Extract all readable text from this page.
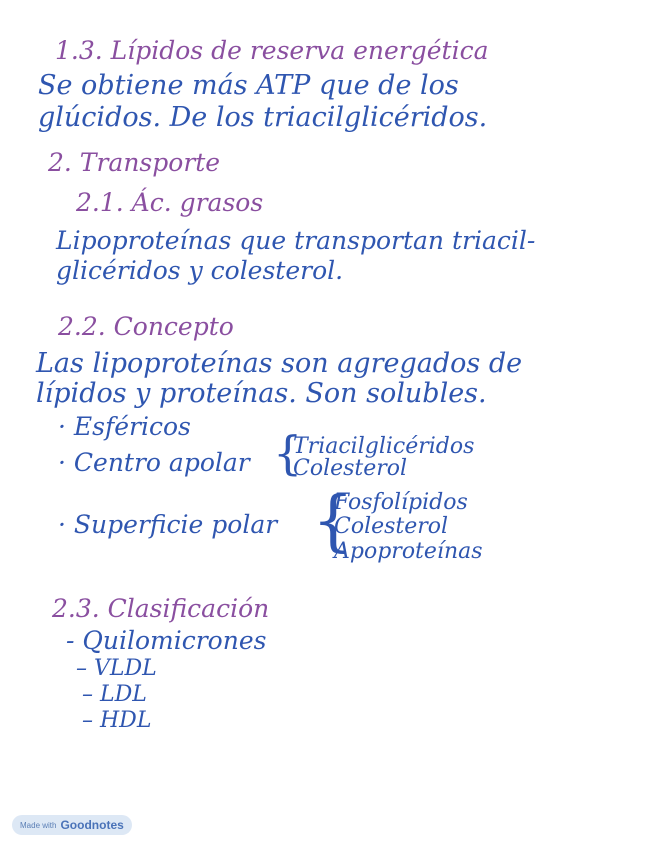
1.3. Lípidos de reserva energética
Se obtiene más ATP que de los
glúcidos. De los triacilglicéridos.
2. Transporte
2.1. Ác. grasos
Lipoproteínas que transportan triacil-
glicéridos y colesterol.
2.2. Concepto
Las lipoproteínas son agregados de
lípidos y proteínas. Son solubles.
· Esféricos
· Centro apolar {
Triacilglicéridos
Colesterol
· Superficie polar {
Fosfolípidos
Colesterol
Apoproteínas
2.3. Clasificación
- Quilomicrones
– VLDL
– LDL
– HDL
Made with Goodnotes
